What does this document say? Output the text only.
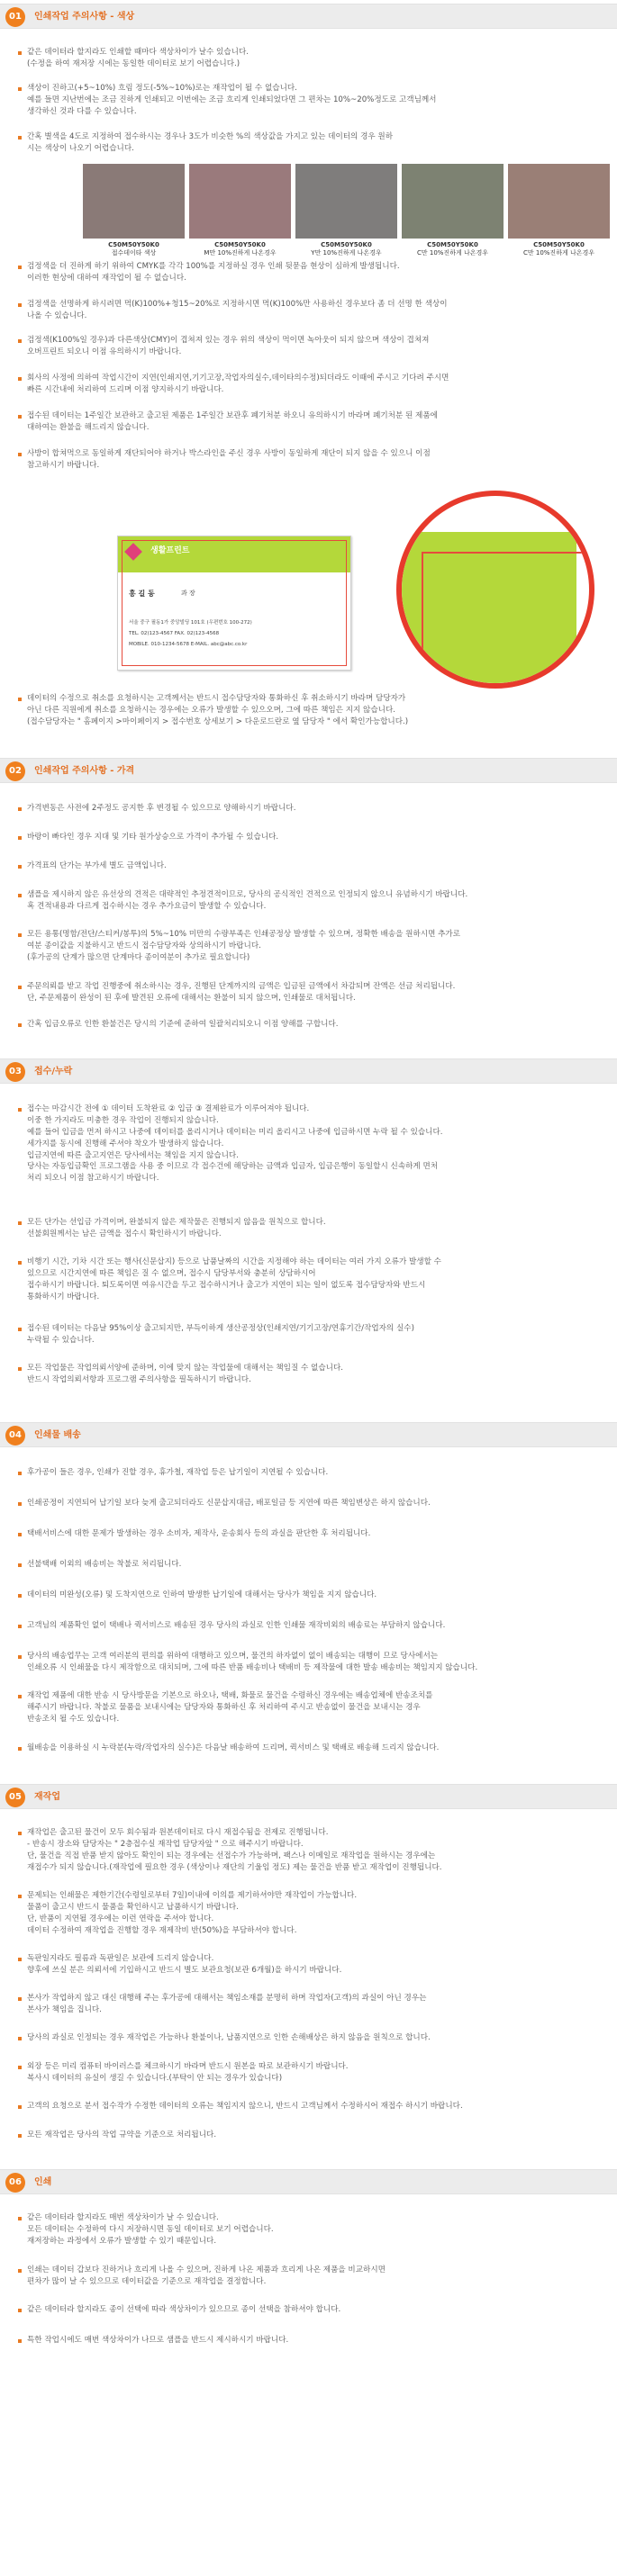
01	인쇄작업 주의사항 - 색상
같은 데이터라 할지라도 인쇄할 때마다 색상차이가 날수 있습니다.
(수정을 하여 재저장 시에는 동일한 데이터로 보기 어렵습니다.)
색상이 진하고(+5~10%) 흐림 정도(-5%~10%)로는 재작업이 될 수 없습니다.
예를 들면 지난번에는 조금 진하게 인쇄되고 이번에는 조금 흐리게 인쇄되었다면 그 편차는 10%~20%정도로 고객님께서
생각하신 것과 다를 수 있습니다.
간혹 별색을 4도로 지정하여 접수하시는 경우나 3도가 비슷한 %의 색상값을 가지고 있는 데이터의 경우 원하
시는 색상이 나오기 어렵습니다.
C50M50Y50K0
접수데이타 색상
C50M50Y50K0
M만 10%진하게 나온경우
C50M50Y50K0
Y만 10%진하게 나온경우
C50M50Y50K0
C만 10%진하게 나온경우
C50M50Y50K0
C만 10%진하게 나온경우
검정색을 더 진하게 하기 위하여 CMYK를 각각 100%를 지정하실 경우 인쇄 뒷묻음 현상이 심하게 발생됩니다.
이러한 현상에 대하여 재작업이 될 수 없습니다.
검정색을 선명하게 하시려면 먹(K)100%+청15~20%로 지정하시면 먹(K)100%만 사용하신 경우보다 좀 더 선명 한 색상이
나올 수 있습니다.
검정색(K100%일 경우)과 다른색상(CMY)이 겹쳐져 있는 경우 위의 색상이 먹이면 녹아웃이 되지 않으며 색상이 겹쳐져
오버프린트 되오니 이점 유의하시기 바랍니다.
회사의 사정에 의하여 작업시간이 지연(인쇄지연,기기고장,작업자의실수,데이타의수정)되더라도 이때에 주시고 기다려 주시면
빠른 시간내에 처리하여 드리며 이점 양지하시기 바랍니다.
접수된 데이터는 1주일간 보관하고 출고된 제품은 1주일간 보관후 폐기처분 하오니 유의하시기 바라며 폐기처분 된 제품에
대하여는 환불을 해드리지 않습니다.
사방이 합쳐먹으로 동일하게 재단되어야 하거나 박스라인을 주신 경우 사방이 동일하게 재단이 되지 않을 수 있으니 이점
참고하시기 바랍니다.
생활프린트
홍 길 동	과 장
서울 중구 필동1가 중앙빌딩 101호 (우편번호 100-272)
TEL. 02)123-4567 FAX. 02)123-4568
MOBILE. 010-1234-5678 E-MAIL. abc@abc.co.kr
데이터의 수정으로 취소를 요청하시는 고객께서는 반드시 접수담당자와 통화하신 후 취소하시기 바라며 담당자가
아닌 다른 직원에게 취소를 요청하시는 경우에는 오류가 발생할 수 있으오며, 그에 따른 책임은 지지 않습니다.
(접수담당자는 " 홈페이지 >마이페이지 > 접수번호 상세보기 > 다운로드란로 옆 담당자 " 에서 확인가능합니다.)
02	인쇄작업 주의사항 - 가격
가격변동은 사전에 2주정도 공지한 후 변경될 수 있으므로 양해하시기 바랍니다.
바랑이 빠다인 경우 지대 및 기타 원가상승으로 가격이 추가될 수 있습니다.
가격표의 단가는 부가세 별도 금액입니다.
샘플을 제시하지 않은 유선상의 견적은 대략적인 추정견적이므로, 당사의 공식적인 견적으로 인정되지 않으니 유념하시기 바랍니다.
혹 견적내용과 다르게 접수하시는 경우 추가요금이 발생할 수 있습니다.
모든 용통(명함/전단/스티커/봉투)의 5%~10% 미만의 수량부족은 인쇄공정상 발생할 수 있으며, 정확한 배송을 원하시면 추가로
여분 종이값을 지불하시고 반드시 접수담당자와 상의하시기 바랍니다.
(후가공의 단계가 많으면 단계마다 종이여분이 추가로 필요합니다)
주문의뢰를 받고 작업 진행중에 취소하시는 경우, 진행된 단계까지의 금액은 입금된 금액에서 차감되며 잔액은 선금 처리됩니다.
단, 주문제품이 완성이 된 후에 발견된 오류에 대해서는 환불이 되지 않으며, 인쇄물로 대처됩니다.
간혹 입금오류로 인한 환불건은 당시의 기준에 준하여 일괄처리되오니 이점 양해를 구합니다.
03	접수/누락
접수는 마감시간 전에 ① 데이터 도착완료 ② 입금 ③ 결제완료가 이루어져야 됩니다.
이중 한 가지라도 미충한 경우 작업이 진행되지 않습니다.
예를 들어 입금을 먼저 하시고 나중에 데이터를 올리시거나 데이터는 미리 올리시고 나중에 입금하시면 누락 될 수 있습니다.
세가지를 동시에 진행해 주셔야 착오가 발생하지 않습니다.
입금지연에 따른 출고지연은 당사에서는 책임을 지지 않습니다.
당사는 자동입금확인 프로그램을 사용 중 이므로 각 접수건에 해당하는 금액과 입금자, 입금은행이 동일할시 신속하게 면처
처리 되오니 이점 참고하시기 바랍니다.
모든 단가는 선입금 가격이며, 완불되지 않은 제작물은 진행되지 않음을 원칙으로 합니다.
선불회원께서는 남은 금액을 접수시 확인하시기 바랍니다.
비행기 시간, 기차 시간 또는 행사(신문삽지) 등으로 납품날짜의 시간을 지정해야 하는 데이터는 여러 가지 오류가 발생할 수
있으므로 시간지연에 따른 책임은 질 수 없으며, 접수시 담당부서와 충분히 상담하시어
접수하시기 바랍니다. 퇴도록이면 여유시간을 두고 접수하시거나 출고가 지연이 되는 일이 없도록 접수담당자와 반드시
통화하시기 바랍니다.
접수된 데이터는 다음날 95%이상 출고되지만, 부득이하게 생산공정상(인쇄지연/기기고장/연휴기간/작업자의 실수)
누락될 수 있습니다.
모든 작업물은 작업의뢰서양에 준하며, 이에 맞지 않는 작업물에 대해서는 책임질 수 없습니다.
반드시 작업의뢰서항과 프로그램 주의사항을 필독하시기 바랍니다.
04	인쇄물 배송
후가공이 들은 경우, 인쇄가 진할 경우, 휴가철, 재작업 등은 납기일이 지연될 수 있습니다.
인쇄공정이 지연되어 납기일 보다 늦게 출고되더라도 신문삽지대금, 배포일금 등 지연에 따른 책임변상은 하지 않습니다.
택배서비스에 대한 문제가 발생하는 경우 소비자, 제작사, 운송회사 등의 과실을 판단한 후 처리됩니다.
선불택배 이외의 배송비는 착불로 처리됩니다.
데이터의 미완성(오류) 및 도착지연으로 인하여 발생한 납기일에 대해서는 당사가 책임을 지지 않습니다.
고객님의 제품확인 없이 택배나 퀵서비스로 배송된 경우 당사의 과실로 인한 인쇄물 재작비외의 배송료는 부담하지 않습니다.
당사의 배송업무는 고객 여러분의 편의를 위하여 대행하고 있으며, 물건의 하자없이 없이 배송되는 대행이 므로 당사에서는
인쇄오류 시 인쇄물을 다시 제작함으로 대치되며, 그에 따른 반품 배송비나 택배비 등 제작물에 대한 발송 배송비는 책임지지 않습니다.
재작업 제품에 대한 반송 시 당사방문을 기본으로 하오나, 택배, 화물로 물건을 수령하신 경우에는 배송업체에 반송조치를
해주시기 바랍니다. 착불로 물품을 보내시에는 담당자와 통화하신 후 처리하여 주시고 반송없이 물건을 보내시는 경우
반송조치 될 수도 있습니다.
월배송을 이용하실 시 누락분(누락/작업자의 실수)은 다음날 배송하여 드리며, 퀵서비스 및 택배로 배송해 드리지 않습니다.
05	재작업
재작업은 출고된 물건이 모두 회수됨과 원본데이터로 다시 재접수됨을 전제로 진행됩니다.
- 반송시 장소와 담당자는 " 2층접수실 재작업 담당자앞 " 으로 해주시기 바랍니다.
단, 물건을 직접 반품 받지 않아도 확인이 되는 경우에는 선접수가 가능하며, 팩스나 이메일로 재작업을 원하시는 경우에는
재접수가 되지 않습니다.(재작업에 필요한 경우 (색상이나 재단의 기울임 정도) 제는 물건을 반품 받고 재작업이 진행됩니다.
문제되는 인쇄물은 제한기간(수령일로부터 7일)이내에 이의를 제기하셔야만 재작업이 가능합니다.
물품이 출고시 반드시 물품을 확인하시고 납품하시기 바랍니다.
단, 반품이 지연될 경우에는 이런 연락을 주셔야 합니다.
데이터 수정하여 재작업을 진행할 경우 재제작비 반(50%)을 부담하셔야 합니다.
독판일지라도 필름과 독판일은 보관에 드리지 않습니다.
향후에 쓰실 분은 의뢰서에 기입하시고 반드시 별도 보관요청(보관 6개월)을 하시기 바랍니다.
본사가 작업하지 않고 대신 대행해 주는 후가공에 대해서는 책임소재를 분명히 하며 작업자(고객)의 과실이 아닌 경우는
본사가 책임을 집니다.
당사의 과실로 인정되는 경우 재작업은 가능하나 환불이나, 납품지연으로 인한 손해배상은 하지 않음을 원칙으로 합니다.
외장 등은 미리 컴퓨터 바이러스를 체크하시기 바라며 반드시 원본을 따로 보관하시기 바랍니다.
복사시 데이터의 유실이 생길 수 있습니다.(부탁이 안 되는 경우가 있습니다)
고객의 요청으로 분서 접수작가 수정한 데이터의 오류는 책임지지 않으니, 반드시 고객님께서 수정하시어 재접수 하시기 바랍니다.
모든 재작업은 당사의 작업 규약을 기준으로 처리됩니다.
06	인쇄
같은 데이터라 할지라도 매번 색상차이가 날 수 있습니다.
모든 데이터는 수정하여 다시 저장하시면 동일 데이터로 보기 어렵습니다.
재저장하는 과정에서 오류가 발생할 수 있기 때문입니다.
인쇄는 데이터 갑보다 진하거나 흐리게 나올 수 있으며, 진하게 나온 제품과 흐리게 나온 제품을 비교하시면
편차가 많이 날 수 있으므로 데이터값을 기준으로 재작업을 결정합니다.
같은 데이터라 할지라도 종이 선택에 따라 색상차이가 있으므로 종이 선택을 참하셔야 합니다.
특한 작업시에도 매번 색상차이가 나므로 샘플을 반드시 제시하시기 바랍니다.
